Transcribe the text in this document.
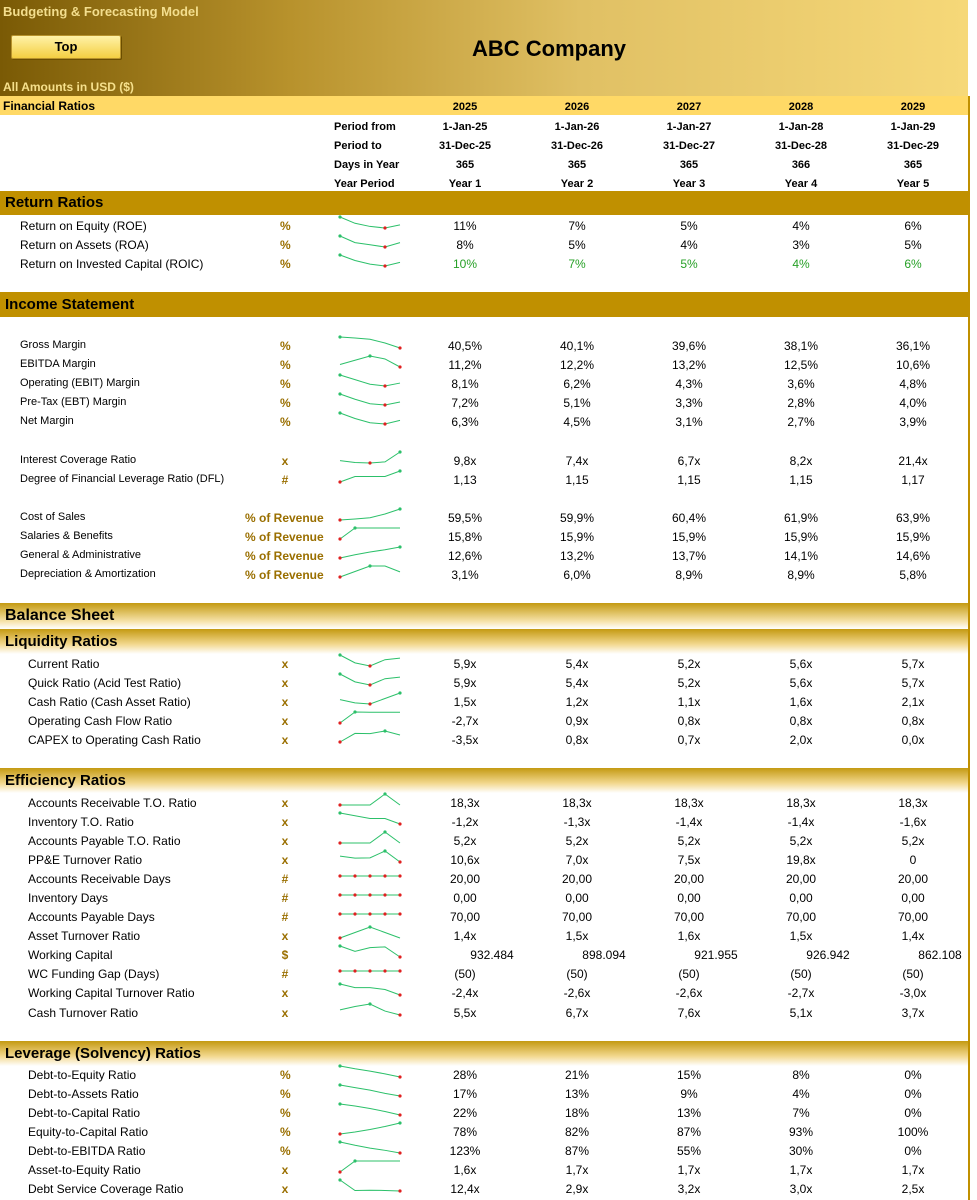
Budgeting & Forecasting Model
Top	ABC Company
All Amounts in USD ($)
Financial Ratios	2025	2026	2027	2028	2029
Period from	1-Jan-25	1-Jan-26	1-Jan-27	1-Jan-28	1-Jan-29
Period to	31-Dec-25	31-Dec-26	31-Dec-27	31-Dec-28	31-Dec-29
Days in Year	365	365	365	366	365
Year Period	Year 1	Year 2	Year 3	Year 4	Year 5
Return Ratios
Return on Equity (ROE)	%	11%	7%	5%	4%	6%
Return on Assets (ROA)	%	8%	5%	4%	3%	5%
Return on Invested Capital (ROIC)	%	10%	7%	5%	4%	6%
Income Statement
Gross Margin	%	40,5%	40,1%	39,6%	38,1%	36,1%
EBITDA Margin	%	11,2%	12,2%	13,2%	12,5%	10,6%
Operating (EBIT) Margin	%	8,1%	6,2%	4,3%	3,6%	4,8%
Pre-Tax (EBT) Margin	%	7,2%	5,1%	3,3%	2,8%	4,0%
Net Margin	%	6,3%	4,5%	3,1%	2,7%	3,9%
Interest Coverage Ratio	x	9,8x	7,4x	6,7x	8,2x	21,4x
Degree of Financial Leverage Ratio (DFL)	#	1,13	1,15	1,15	1,15	1,17
Cost of Sales	% of Revenue	59,5%	59,9%	60,4%	61,9%	63,9%
Salaries & Benefits	% of Revenue	15,8%	15,9%	15,9%	15,9%	15,9%
General & Administrative	% of Revenue	12,6%	13,2%	13,7%	14,1%	14,6%
Depreciation & Amortization	% of Revenue	3,1%	6,0%	8,9%	8,9%	5,8%
Balance Sheet
Liquidity Ratios
Current Ratio	x	5,9x	5,4x	5,2x	5,6x	5,7x
Quick Ratio (Acid Test Ratio)	x	5,9x	5,4x	5,2x	5,6x	5,7x
Cash Ratio (Cash Asset Ratio)	x	1,5x	1,2x	1,1x	1,6x	2,1x
Operating Cash Flow Ratio	x	-2,7x	0,9x	0,8x	0,8x	0,8x
CAPEX to Operating Cash Ratio	x	-3,5x	0,8x	0,7x	2,0x	0,0x
Efficiency Ratios
Accounts Receivable T.O. Ratio	x	18,3x	18,3x	18,3x	18,3x	18,3x
Inventory T.O. Ratio	x	-1,2x	-1,3x	-1,4x	-1,4x	-1,6x
Accounts Payable T.O. Ratio	x	5,2x	5,2x	5,2x	5,2x	5,2x
PP&E Turnover Ratio	x	10,6x	7,0x	7,5x	19,8x	0
Accounts Receivable Days	#	20,00	20,00	20,00	20,00	20,00
Inventory Days	#	0,00	0,00	0,00	0,00	0,00
Accounts Payable Days	#	70,00	70,00	70,00	70,00	70,00
Asset Turnover Ratio	x	1,4x	1,5x	1,6x	1,5x	1,4x
Working Capital	$	932.484	898.094	921.955	926.942	862.108
WC Funding Gap (Days)	#	(50)	(50)	(50)	(50)	(50)
Working Capital Turnover Ratio	x	-2,4x	-2,6x	-2,6x	-2,7x	-3,0x
Cash Turnover Ratio	x	5,5x	6,7x	7,6x	5,1x	3,7x
Leverage (Solvency) Ratios
Debt-to-Equity Ratio	%	28%	21%	15%	8%	0%
Debt-to-Assets Ratio	%	17%	13%	9%	4%	0%
Debt-to-Capital Ratio	%	22%	18%	13%	7%	0%
Equity-to-Capital Ratio	%	78%	82%	87%	93%	100%
Debt-to-EBITDA Ratio	%	123%	87%	55%	30%	0%
Asset-to-Equity Ratio	x	1,6x	1,7x	1,7x	1,7x	1,7x
Debt Service Coverage Ratio	x	12,4x	2,9x	3,2x	3,0x	2,5x
